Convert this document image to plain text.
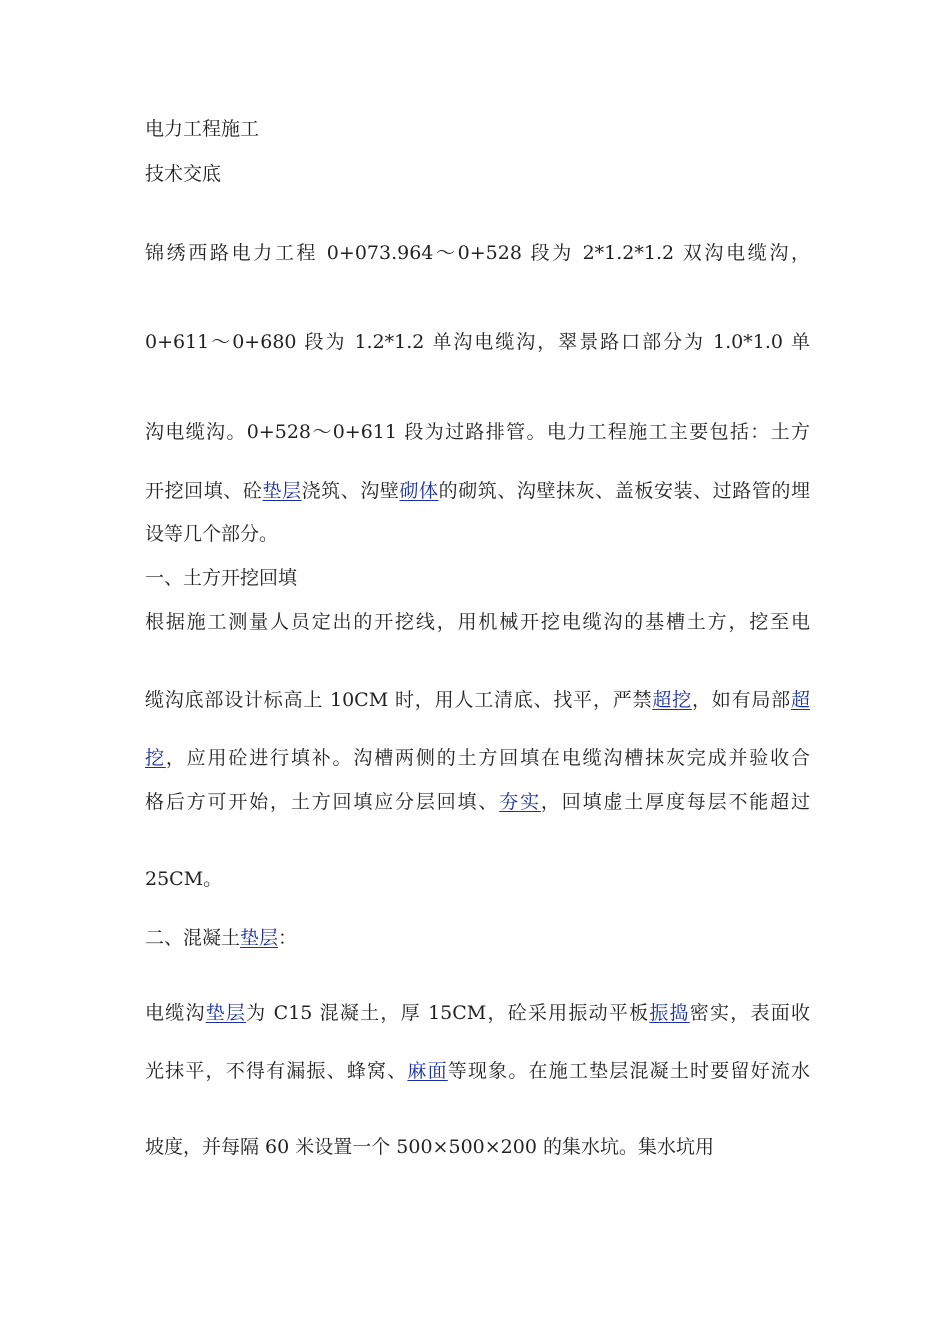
电力工程施工
技术交底
锦绣西路电力工程 0+073.964～0+528 段为 2*1.2*1.2 双沟电缆沟，
0+611～0+680 段为 1.2*1.2 单沟电缆沟，翠景路口部分为 1.0*1.0 单
沟电缆沟。0+528～0+611 段为过路排管。电力工程施工主要包括：土方
开挖回填、砼垫层浇筑、沟壁砌体的砌筑、沟壁抹灰、盖板安装、过路管的埋
设等几个部分。
一、土方开挖回填
根据施工测量人员定出的开挖线，用机械开挖电缆沟的基槽土方，挖至电
缆沟底部设计标高上 10CM 时，用人工清底、找平，严禁超挖，如有局部超
挖，应用砼进行填补。沟槽两侧的土方回填在电缆沟槽抹灰完成并验收合
格后方可开始，土方回填应分层回填、夯实，回填虚土厚度每层不能超过
25CM。
二、混凝土垫层：
电缆沟垫层为 C15 混凝土，厚 15CM，砼采用振动平板振捣密实，表面收
光抹平，不得有漏振、蜂窝、麻面等现象。在施工垫层混凝土时要留好流水
坡度，并每隔 60 米设置一个 500×500×200 的集水坑。集水坑用
